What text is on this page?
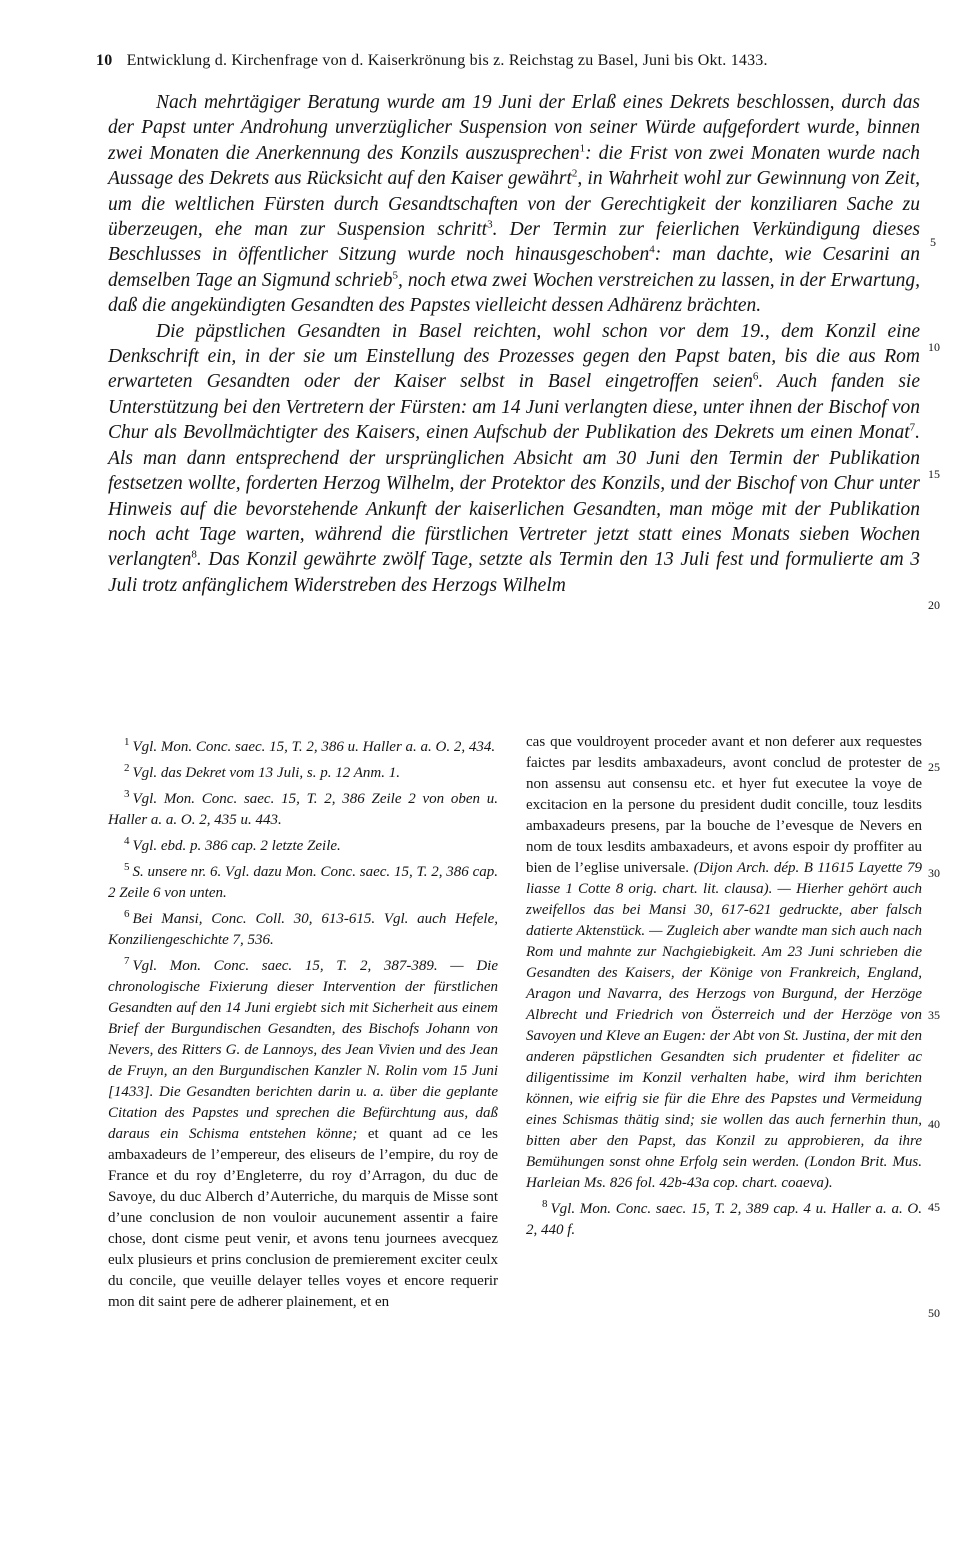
10 Entwicklung d. Kirchenfrage von d. Kaiserkrönung bis z. Reichstag zu Basel, Juni bis Okt. 1433.

Nach mehrtägiger Beratung wurde am 19 Juni der Erlaß eines Dekrets beschlossen, durch das der Papst unter Androhung unverzüglicher Suspension von seiner Würde aufgefordert wurde, binnen zwei Monaten die Anerkennung des Konzils auszusprechen$^1$: die Frist von zwei Monaten wurde nach Aussage des Dekrets aus Rücksicht auf den Kaiser gewährt$^2$, in Wahrheit wohl zur Gewinnung von Zeit, um die weltlichen Fürsten durch Gesandtschaften von der Gerechtigkeit der konziliaren Sache zu überzeugen, ehe man zur Suspension schritt$^3$. Der Termin zur feierlichen Verkündigung dieses Beschlusses in öffentlicher Sitzung wurde noch hinausgeschoben$^4$: man dachte, wie Cesarini an demselben Tage an Sigmund schrieb$^5$, noch etwa zwei Wochen verstreichen zu lassen, in der Erwartung, daß die angekündigten Gesandten des Papstes vielleicht dessen Adhärenz brächten.

Die päpstlichen Gesandten in Basel reichten, wohl schon vor dem 19., dem Konzil eine Denkschrift ein, in der sie um Einstellung des Prozesses gegen den Papst baten, bis die aus Rom erwarteten Gesandten oder der Kaiser selbst in Basel eingetroffen seien$^6$. Auch fanden sie Unterstützung bei den Vertretern der Fürsten: am 14 Juni verlangten diese, unter ihnen der Bischof von Chur als Bevollmächtigter des Kaisers, einen Aufschub der Publikation des Dekrets um einen Monat$^7$. Als man dann entsprechend der ursprünglichen Absicht am 30 Juni den Termin der Publikation festsetzen wollte, forderten Herzog Wilhelm, der Protektor des Konzils, und der Bischof von Chur unter Hinweis auf die bevorstehende Ankunft der kaiserlichen Gesandten, man möge mit der Publikation noch acht Tage warten, während die fürstlichen Vertreter jetzt statt eines Monats sieben Wochen verlangten$^8$. Das Konzil gewährte zwölf Tage, setzte als Termin den 13 Juli fest und formulierte am 3 Juli trotz anfänglichem Widerstreben des Herzogs Wilhelm

5
10
15
20

$^1$ Vgl. Mon. Conc. saec. 15, T. 2, 386 u. Haller a. a. O. 2, 434.

$^2$ Vgl. das Dekret vom 13 Juli, s. p. 12 Anm. 1.

$^3$ Vgl. Mon. Conc. saec. 15, T. 2, 386 Zeile 2 von oben u. Haller a. a. O. 2, 435 u. 443.

$^4$ Vgl. ebd. p. 386 cap. 2 letzte Zeile.

$^5$ S. unsere nr. 6. Vgl. dazu Mon. Conc. saec. 15, T. 2, 386 cap. 2 Zeile 6 von unten.

$^6$ Bei Mansi, Conc. Coll. 30, 613-615. Vgl. auch Hefele, Konziliengeschichte 7, 536.

$^7$ Vgl. Mon. Conc. saec. 15, T. 2, 387-389. — Die chronologische Fixierung dieser Intervention der fürstlichen Gesandten auf den 14 Juni ergiebt sich mit Sicherheit aus einem Brief der Burgundischen Gesandten, des Bischofs Johann von Nevers, des Ritters G. de Lannoys, des Jean Vivien und des Jean de Fruyn, an den Burgundischen Kanzler N. Rolin vom 15 Juni [1433]. Die Gesandten berichten darin u. a. über die geplante Citation des Papstes und sprechen die Befürchtung aus, daß daraus ein Schisma entstehen könne; et quant ad ce les ambaxadeurs de l’empereur, des eliseurs de l’empire, du roy de France et du roy d’Engleterre, du roy d’Arragon, du duc de Savoye, du duc Alberch d’Auterriche, du marquis de Misse sont d’une conclusion de non vouloir aucunement assentir a faire chose, dont cisme peut venir, et avons tenu journees avecquez eulx plusieurs et prins conclusion de premierement exciter ceulx du concile, que veuille delayer telles voyes et encore requerir mon dit saint pere de adherer plainement, et en

cas que vouldroyent proceder avant et non deferer aux requestes faictes par lesdits ambaxadeurs, avont conclud de protester de non assensu aut consensu etc. et hyer fut executee la voye de excitacion en la persone du president dudit concille, touz lesdits ambaxadeurs presens, par la bouche de l’evesque de Nevers en nom de toux lesdits ambaxadeurs, et avons espoir dy proffiter au bien de l’eglise universale. (Dijon Arch. dép. B 11615 Layette 79 liasse 1 Cotte 8 orig. chart. lit. clausa). — Hierher gehört auch zweifellos das bei Mansi 30, 617-621 gedruckte, aber falsch datierte Aktenstück. — Zugleich aber wandte man sich auch nach Rom und mahnte zur Nachgiebigkeit. Am 23 Juni schrieben die Gesandten des Kaisers, der Könige von Frankreich, England, Aragon und Navarra, des Herzogs von Burgund, der Herzöge Albrecht und Friedrich von Österreich und der Herzöge von Savoyen und Kleve an Eugen: der Abt von St. Justina, der mit den anderen päpstlichen Gesandten sich prudenter et fideliter ac diligentissime im Konzil verhalten habe, wird ihm berichten können, wie eifrig sie für die Ehre des Papstes und Vermeidung eines Schismas thätig sind; sie wollen das auch fernerhin thun, bitten aber den Papst, das Konzil zu approbieren, da ihre Bemühungen sonst ohne Erfolg sein werden. (London Brit. Mus. Harleian Ms. 826 fol. 42b-43a cop. chart. coaeva).

$^8$ Vgl. Mon. Conc. saec. 15, T. 2, 389 cap. 4 u. Haller a. a. O. 2, 440 f.

25
30
35
40
45
50
